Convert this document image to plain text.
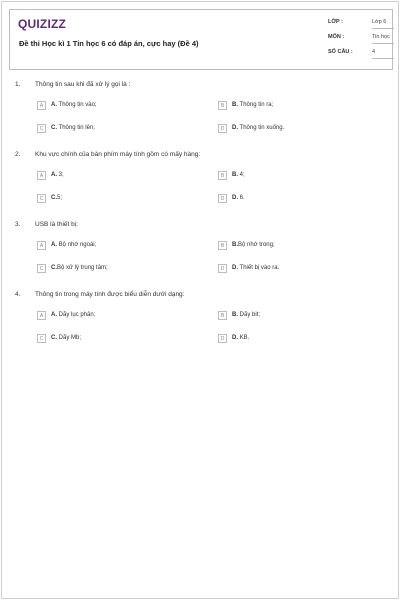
QUIZIZZ
Đề thi Học kì 1 Tin học 6 có đáp án, cực hay (Đề 4)
LỚP :	Lớp 6
MÔN :	Tin học
SỐ CÂU :	4
1. Thông tin sau khi đã xử lý gọi là :
A	A. Thông tin vào;	B	B. Thông tin ra;
C	C. Thông tin lên;	D	D. Thông tin xuống.
2. Khu vực chính của bàn phím máy tính gồm có mấy hàng:
A	A. 3;	B	B. 4;
C	C.5;	D	D. 6.
3. USB là thiết bị:
A	A. Bộ nhớ ngoài;	B	B.Bộ nhớ trong;
C	C.Bộ xử lý trung tâm;	D	D. Thiết bị vào ra.
4. Thông tin trong máy tính được biểu diễn dưới dạng:
A	A. Dãy lục phân;	B	B. Dãy bit;
C	C. Dãy Mb;	D	D. KB.
